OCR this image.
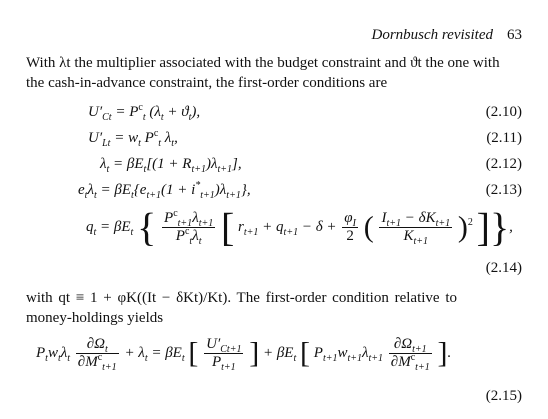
Dornbusch revisited 63
With λt the multiplier associated with the budget constraint and ϑt the one with
the cash-in-advance constraint, the first-order conditions are
$U'_{Ct} = P^c_t$ $(\lambda_t + ϑ_t)$,	(2.10)
$U'_{Lt} = w_t$ $P^c_t$ $\lambda_t$,	(2.11)
$\lambda_t = \beta E_t[(1 + R_{t+1})\lambda_{t+1}]$,	(2.12)
$e_t\lambda_t = \beta E_t\{e_{t+1}(1 + i^*_{t+1})\lambda_{t+1}\}$,	(2.13)
$q_t = \beta E_t$ { $\frac{P^c_{t+1}\lambda_{t+1}}{P^c_t\lambda_t}$ [ $r_{t+1} + q_{t+1} - \delta + \frac{\varphi_I}{2}$ ( $\frac{I_{t+1} - \delta K_{t+1}}{K_{t+1}} )^2$ ]},
(2.14)
with qt ≡ 1 + φK((It − δKt)/Kt). The first-order condition relative to
money-holdings yields
$P_tw_t\lambda_t \frac{\partial\Omega_t}{\partial M^c_{t+1}} + \lambda_t = \beta E_t$ [ $\frac{U'_{Ct+1}}{P_{t+1}}$ ] + $\beta E_t$ [ $P_{t+1}w_{t+1}\lambda_{t+1} \frac{\partial\Omega_{t+1}}{\partial M^c_{t+1}}$ ].
(2.15)
